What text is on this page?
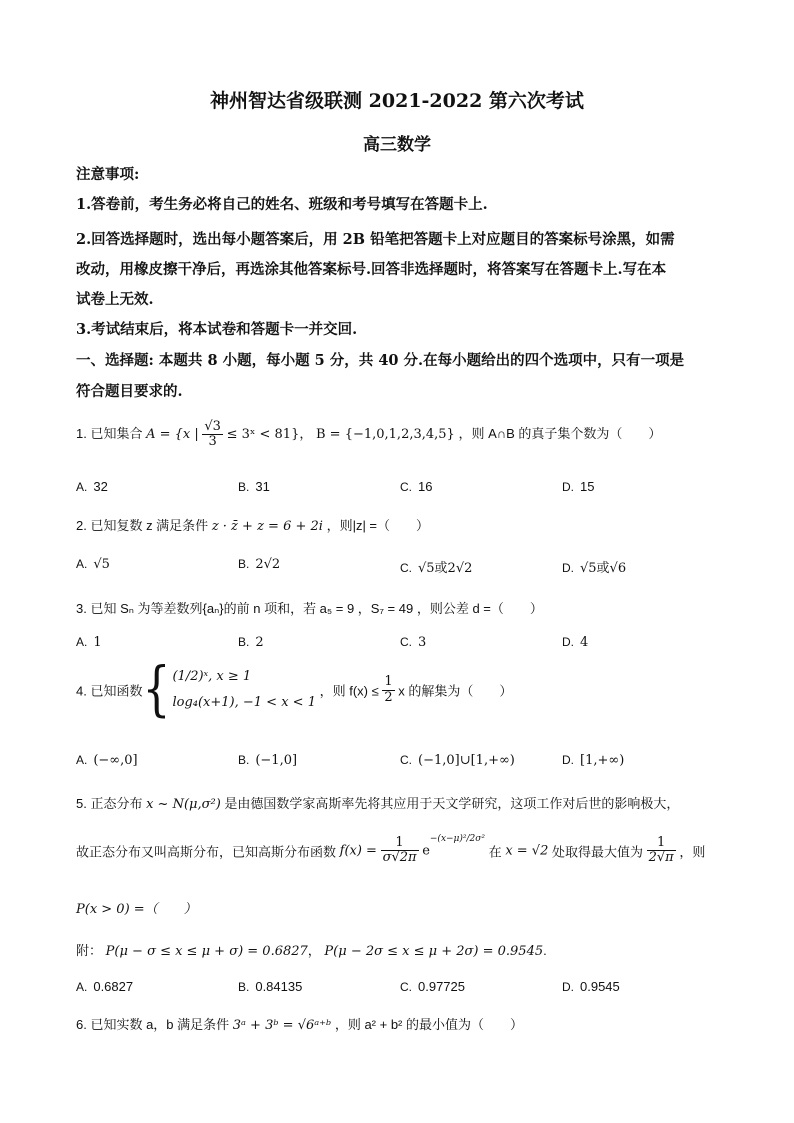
神州智达省级联测 2021-2022 第六次考试
高三数学
注意事项:
1.答卷前，考生务必将自己的姓名、班级和考号填写在答题卡上.
2.回答选择题时，选出每小题答案后，用 2B 铅笔把答题卡上对应题目的答案标号涂黑，如需
改动，用橡皮擦干净后，再选涂其他答案标号.回答非选择题时，将答案写在答题卡上.写在本
试卷上无效.
3.考试结束后，将本试卷和答题卡一并交回.
一、选择题: 本题共 8 小题，每小题 5 分，共 40 分.在每小题给出的四个选项中，只有一项是
符合题目要求的.
1. 已知集合 A = {x | $\frac{√3}{3}$ ≤ 3ˣ < 81}， B = {−1,0,1,2,3,4,5} ，则 A∩B 的真子集个数为（　　）
A. 32	B. 31	C. 16	D. 15
2. 已知复数 z 满足条件 z · z̄ + z = 6 + 2i ，则|z| =（　　）
A. √5	B. 2√2	C. √5或2√2	D. √5或√6
3. 已知 Sₙ 为等差数列{aₙ}的前 n 项和，若 a₅ = 9 ，S₇ = 49 ，则公差 d =（　　）
A. 1	B. 2	C. 3	D. 4
4. 已知函数{ (1/2)ˣ, x ≥ 1
log₄(x+1), −1 < x < 1
，则 $f(x) \le \frac{1}{2}$ x 的解集为（　　）
A. (−∞,0]	B. (−1,0]	C. (−1,0]∪[1,+∞)	D. [1,+∞)
5. 正态分布 x ~ N(μ,σ²) 是由德国数学家高斯率先将其应用于天文学研究，这项工作对后世的影响极大，
故正态分布又叫高斯分布，已知高斯分布函数 $f(x) = \frac{1}{\sigma√2\pi} e^{-(x-\mu)^2/2\sigma^2}$ 在 x = √2 处取得最大值为 $\frac{1}{2√\pi}$ ，则
P(x > 0) =（　　）
附： P(μ − σ ≤ x ≤ μ + σ) = 0.6827， P(μ − 2σ ≤ x ≤ μ + 2σ) = 0.9545.
A. 0.6827	B. 0.84135	C. 0.97725	D. 0.9545
6. 已知实数 a，b 满足条件 3ᵃ + 3ᵇ = √6ᵃ⁺ᵇ ，则 a² + b² 的最小值为（　　）
